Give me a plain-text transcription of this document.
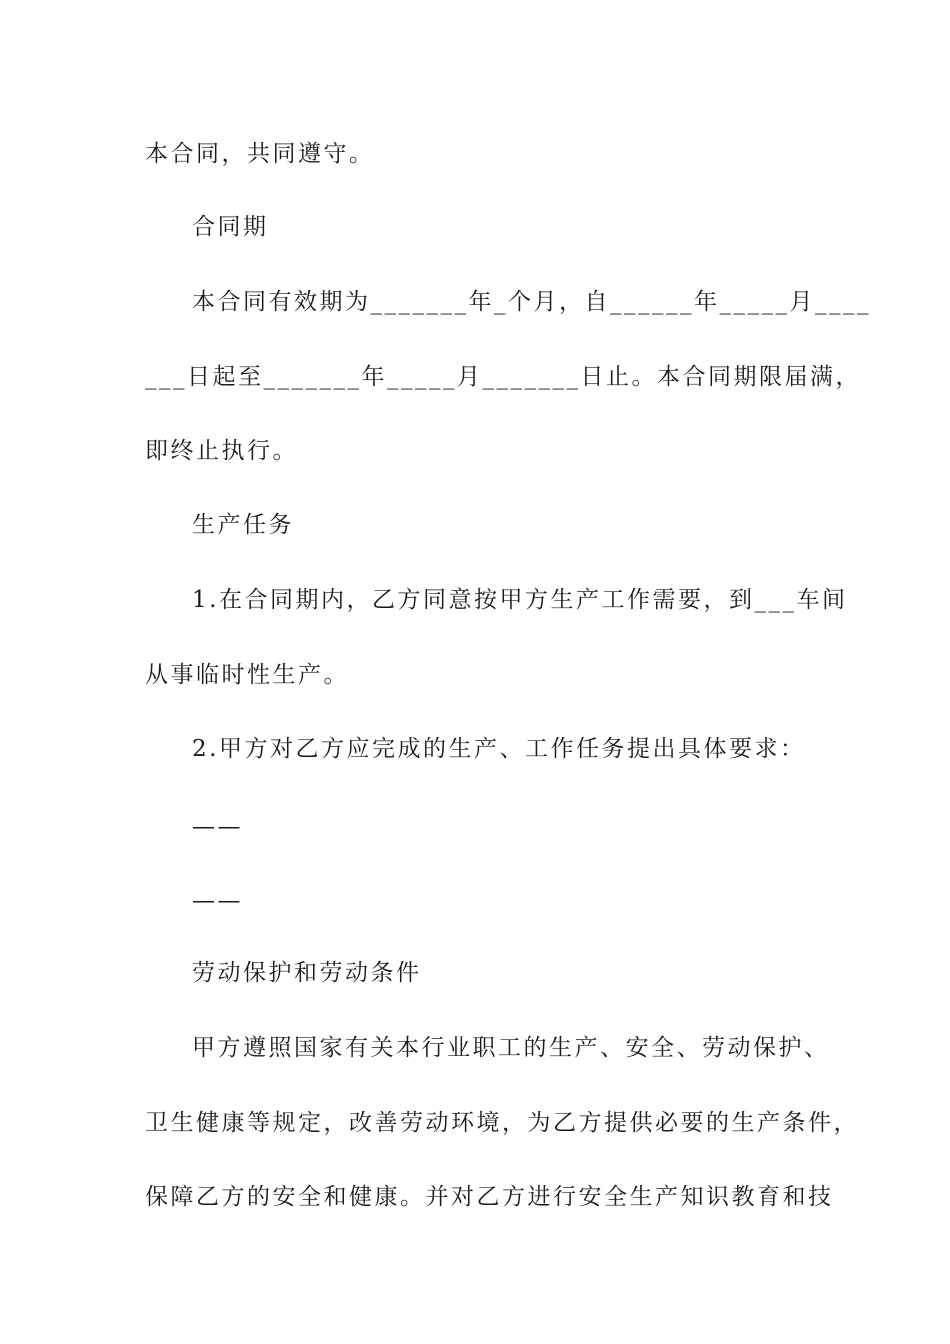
本合同，共同遵守。
合同期
本合同有效期为_______年_个月，自______年_____月____
___日起至_______年_____月_______日止。本合同期限届满，
即终止执行。
生产任务
1.在合同期内，乙方同意按甲方生产工作需要，到___车间
从事临时性生产。
2.甲方对乙方应完成的生产、工作任务提出具体要求：
——
——
劳动保护和劳动条件
甲方遵照国家有关本行业职工的生产、安全、劳动保护、
卫生健康等规定，改善劳动环境，为乙方提供必要的生产条件，
保障乙方的安全和健康。并对乙方进行安全生产知识教育和技
